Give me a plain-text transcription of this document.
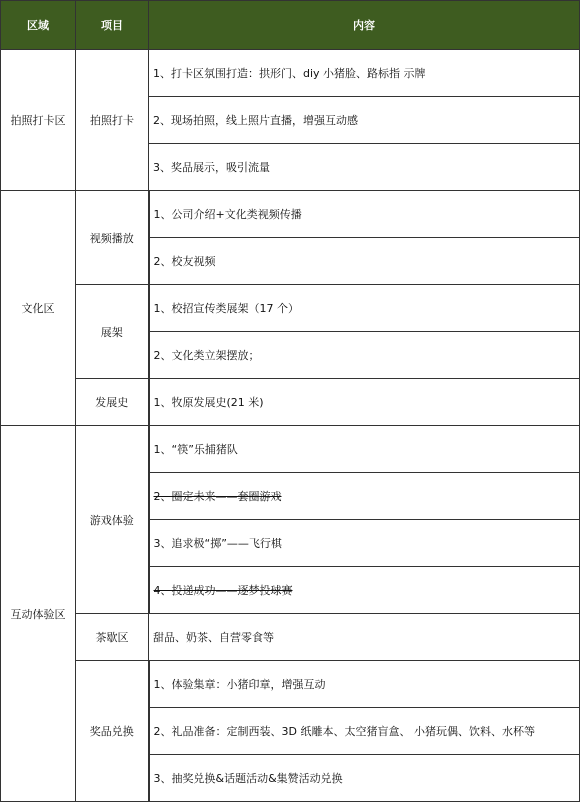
区域	项目	内容
拍照打卡区	拍照打卡	1、打卡区氛围打造：拱形门、diy 小猪脸、路标指 示牌
		2、现场拍照，线上照片直播，增强互动感
		3、奖品展示，吸引流量
文化区	视频播放	1、公司介绍+文化类视频传播
		2、校友视频
	展架	1、校招宣传类展架（17 个）
		2、文化类立架摆放；
	发展史	1、牧原发展史(21 米)
互动体验区	游戏体验	1、“筷”乐捕猪队
		2、圈定未来——套圈游戏
		3、追求极“掷”——飞行棋
		4、投递成功——逐梦投球赛
	茶歇区	甜品、奶茶、自营零食等
	奖品兑换	1、体验集章：小猪印章，增强互动
		2、礼品准备：定制西装、3D 纸雕本、太空猪盲盒、 小猪玩偶、饮料、水杯等
		3、抽奖兑换&话题活动&集赞活动兑换
